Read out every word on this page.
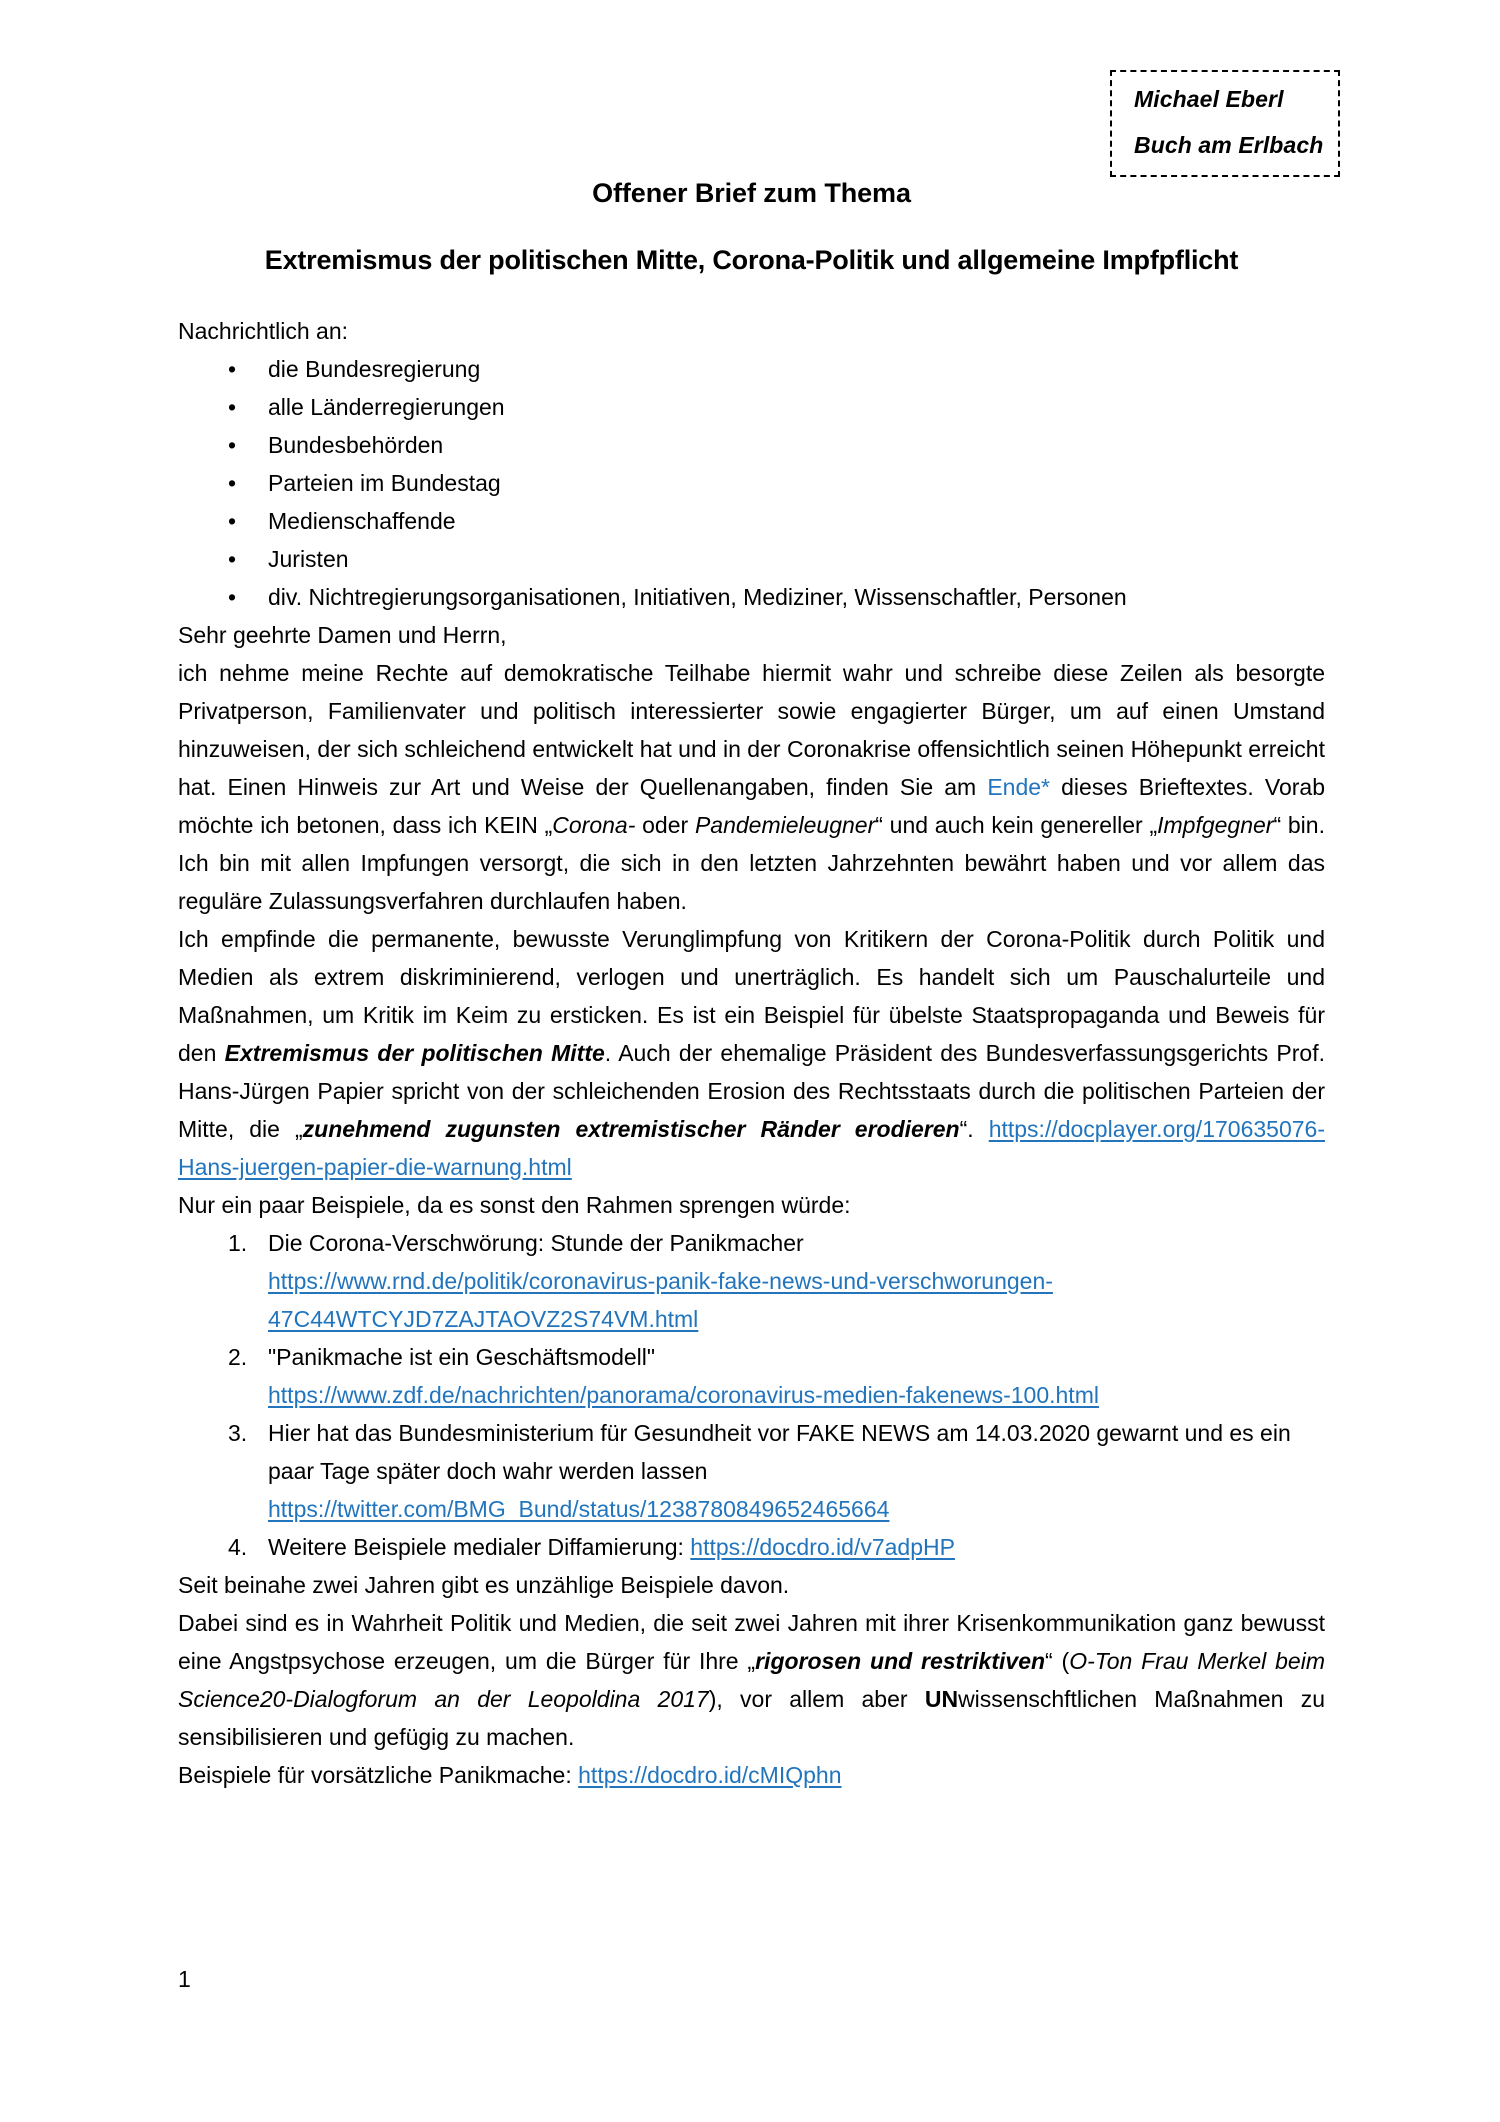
Michael Eberl
Buch am Erlbach
Offener Brief zum Thema
Extremismus der politischen Mitte, Corona-Politik und allgemeine Impfpflicht

Nachrichtlich an:

• die Bundesregierung
• alle Länderregierungen
• Bundesbehörden
• Parteien im Bundestag
• Medienschaffende
• Juristen
• div. Nichtregierungsorganisationen, Initiativen, Mediziner, Wissenschaftler, Personen

Sehr geehrte Damen und Herrn,

ich nehme meine Rechte auf demokratische Teilhabe hiermit wahr und schreibe diese Zeilen als besorgte Privatperson, Familienvater und politisch interessierter sowie engagierter Bürger, um auf einen Umstand hinzuweisen, der sich schleichend entwickelt hat und in der Coronakrise offensichtlich seinen Höhepunkt erreicht hat. Einen Hinweis zur Art und Weise der Quellenangaben, finden Sie am Ende* dieses Brieftextes. Vorab möchte ich betonen, dass ich KEIN „Corona- oder Pandemieleugner“ und auch kein genereller „Impfgegner“ bin. Ich bin mit allen Impfungen versorgt, die sich in den letzten Jahrzehnten bewährt haben und vor allem das reguläre Zulassungsverfahren durchlaufen haben.

Ich empfinde die permanente, bewusste Verunglimpfung von Kritikern der Corona-Politik durch Politik und Medien als extrem diskriminierend, verlogen und unerträglich. Es handelt sich um Pauschalurteile und Maßnahmen, um Kritik im Keim zu ersticken. Es ist ein Beispiel für übelste Staatspropaganda und Beweis für den Extremismus der politischen Mitte. Auch der ehemalige Präsident des Bundesverfassungsgerichts Prof. Hans-Jürgen Papier spricht von der schleichenden Erosion des Rechtsstaats durch die politischen Parteien der Mitte, die „zunehmend zugunsten extremistischer Ränder erodieren“. https://docplayer.org/170635076-Hans-juergen-papier-die-warnung.html

Nur ein paar Beispiele, da es sonst den Rahmen sprengen würde:

Die Corona-Verschwörung: Stunde der Panikmacher
https://www.rnd.de/politik/coronavirus-panik-fake-news-und-verschworungen-47C44WTCYJD7ZAJTAOVZ2S74VM.html
"Panikmache ist ein Geschäftsmodell"
https://www.zdf.de/nachrichten/panorama/coronavirus-medien-fakenews-100.html
Hier hat das Bundesministerium für Gesundheit vor FAKE NEWS am 14.03.2020 gewarnt und es ein paar Tage später doch wahr werden lassen
https://twitter.com/BMG_Bund/status/1238780849652465664
Weitere Beispiele medialer Diffamierung: https://docdro.id/v7adpHP

Seit beinahe zwei Jahren gibt es unzählige Beispiele davon.

Dabei sind es in Wahrheit Politik und Medien, die seit zwei Jahren mit ihrer Krisenkommunikation ganz bewusst eine Angstpsychose erzeugen, um die Bürger für Ihre „rigorosen und restriktiven“ (O-Ton Frau Merkel beim Science20-Dialogforum an der Leopoldina 2017), vor allem aber UNwissenschftlichen Maßnahmen zu sensibilisieren und gefügig zu machen.

Beispiele für vorsätzliche Panikmache: https://docdro.id/cMIQphn

1
